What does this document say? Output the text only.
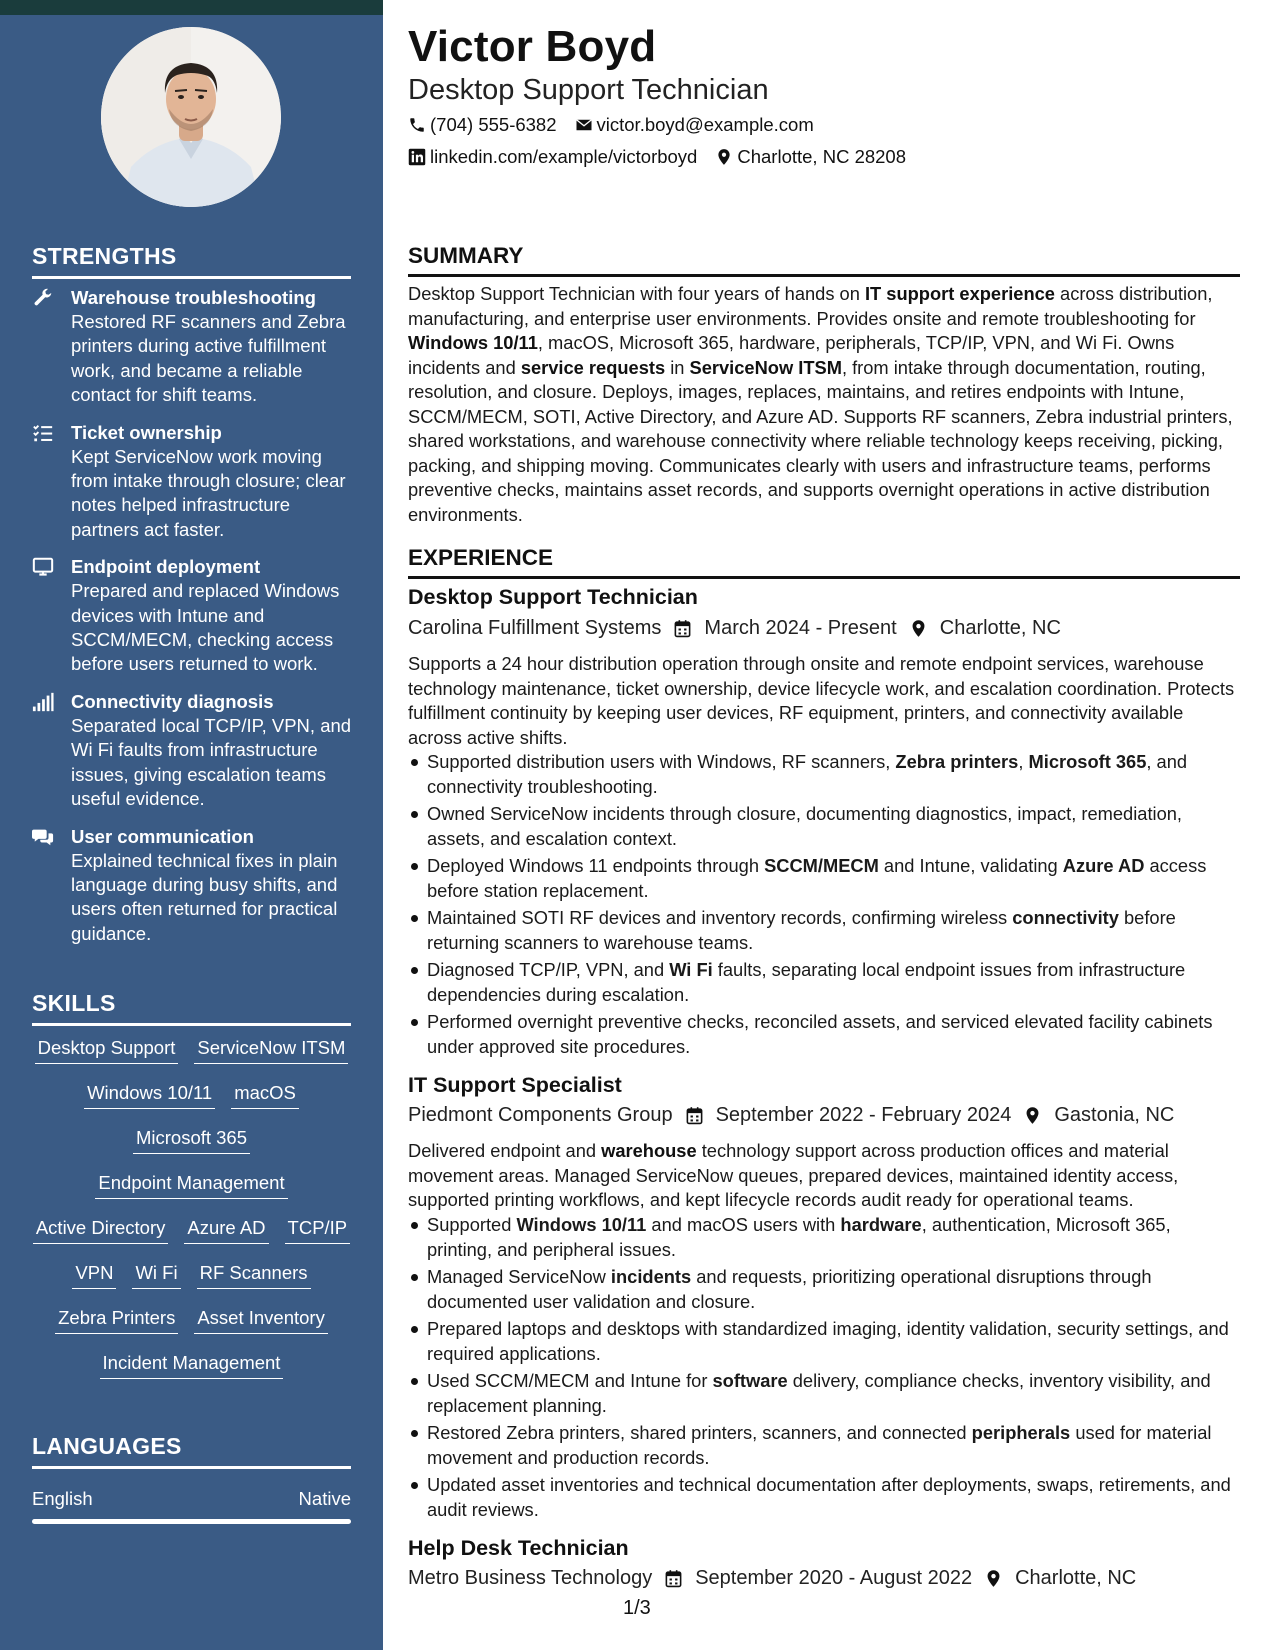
STRENGTHS
Warehouse troubleshooting
Restored RF scanners and Zebra printers during active fulfillment work, and became a reliable contact for shift teams.
Ticket ownership
Kept ServiceNow work moving from intake through closure; clear notes helped infrastructure partners act faster.
Endpoint deployment
Prepared and replaced Windows devices with Intune and SCCM/MECM, checking access before users returned to work.
Connectivity diagnosis
Separated local TCP/IP, VPN, and Wi Fi faults from infrastructure issues, giving escalation teams useful evidence.
User communication
Explained technical fixes in plain language during busy shifts, and users often returned for practical guidance.
SKILLS
Desktop Support ServiceNow ITSM
Windows 10/11 macOS
Microsoft 365
Endpoint Management
Active Directory Azure AD TCP/IP
VPN Wi Fi RF Scanners
Zebra Printers Asset Inventory
Incident Management
LANGUAGES
English	Native
Victor Boyd
Desktop Support Technician
(704) 555-6382 victor.boyd@example.com
linkedin.com/example/victorboyd Charlotte, NC 28208
SUMMARY
Desktop Support Technician with four years of hands on IT support experience across distribution, manufacturing, and enterprise user environments. Provides onsite and remote troubleshooting for Windows 10/11, macOS, Microsoft 365, hardware, peripherals, TCP/IP, VPN, and Wi Fi. Owns incidents and service requests in ServiceNow ITSM, from intake through documentation, routing, resolution, and closure. Deploys, images, replaces, maintains, and retires endpoints with Intune, SCCM/MECM, SOTI, Active Directory, and Azure AD. Supports RF scanners, Zebra industrial printers, shared workstations, and warehouse connectivity where reliable technology keeps receiving, picking, packing, and shipping moving. Communicates clearly with users and infrastructure teams, performs preventive checks, maintains asset records, and supports overnight operations in active distribution environments.
EXPERIENCE
Desktop Support Technician
Carolina Fulfillment Systems March 2024 - Present Charlotte, NC
Supports a 24 hour distribution operation through onsite and remote endpoint services, warehouse technology maintenance, ticket ownership, device lifecycle work, and escalation coordination. Protects fulfillment continuity by keeping user devices, RF equipment, printers, and connectivity available across active shifts.
Supported distribution users with Windows, RF scanners, Zebra printers, Microsoft 365, and connectivity troubleshooting.
Owned ServiceNow incidents through closure, documenting diagnostics, impact, remediation, assets, and escalation context.
Deployed Windows 11 endpoints through SCCM/MECM and Intune, validating Azure AD access before station replacement.
Maintained SOTI RF devices and inventory records, confirming wireless connectivity before returning scanners to warehouse teams.
Diagnosed TCP/IP, VPN, and Wi Fi faults, separating local endpoint issues from infrastructure dependencies during escalation.
Performed overnight preventive checks, reconciled assets, and serviced elevated facility cabinets under approved site procedures.
IT Support Specialist
Piedmont Components Group September 2022 - February 2024 Gastonia, NC
Delivered endpoint and warehouse technology support across production offices and material movement areas. Managed ServiceNow queues, prepared devices, maintained identity access, supported printing workflows, and kept lifecycle records audit ready for operational teams.
Supported Windows 10/11 and macOS users with hardware, authentication, Microsoft 365, printing, and peripheral issues.
Managed ServiceNow incidents and requests, prioritizing operational disruptions through documented user validation and closure.
Prepared laptops and desktops with standardized imaging, identity validation, security settings, and required applications.
Used SCCM/MECM and Intune for software delivery, compliance checks, inventory visibility, and replacement planning.
Restored Zebra printers, shared printers, scanners, and connected peripherals used for material movement and production records.
Updated asset inventories and technical documentation after deployments, swaps, retirements, and audit reviews.
Help Desk Technician
Metro Business Technology September 2020 - August 2022 Charlotte, NC
1/3
